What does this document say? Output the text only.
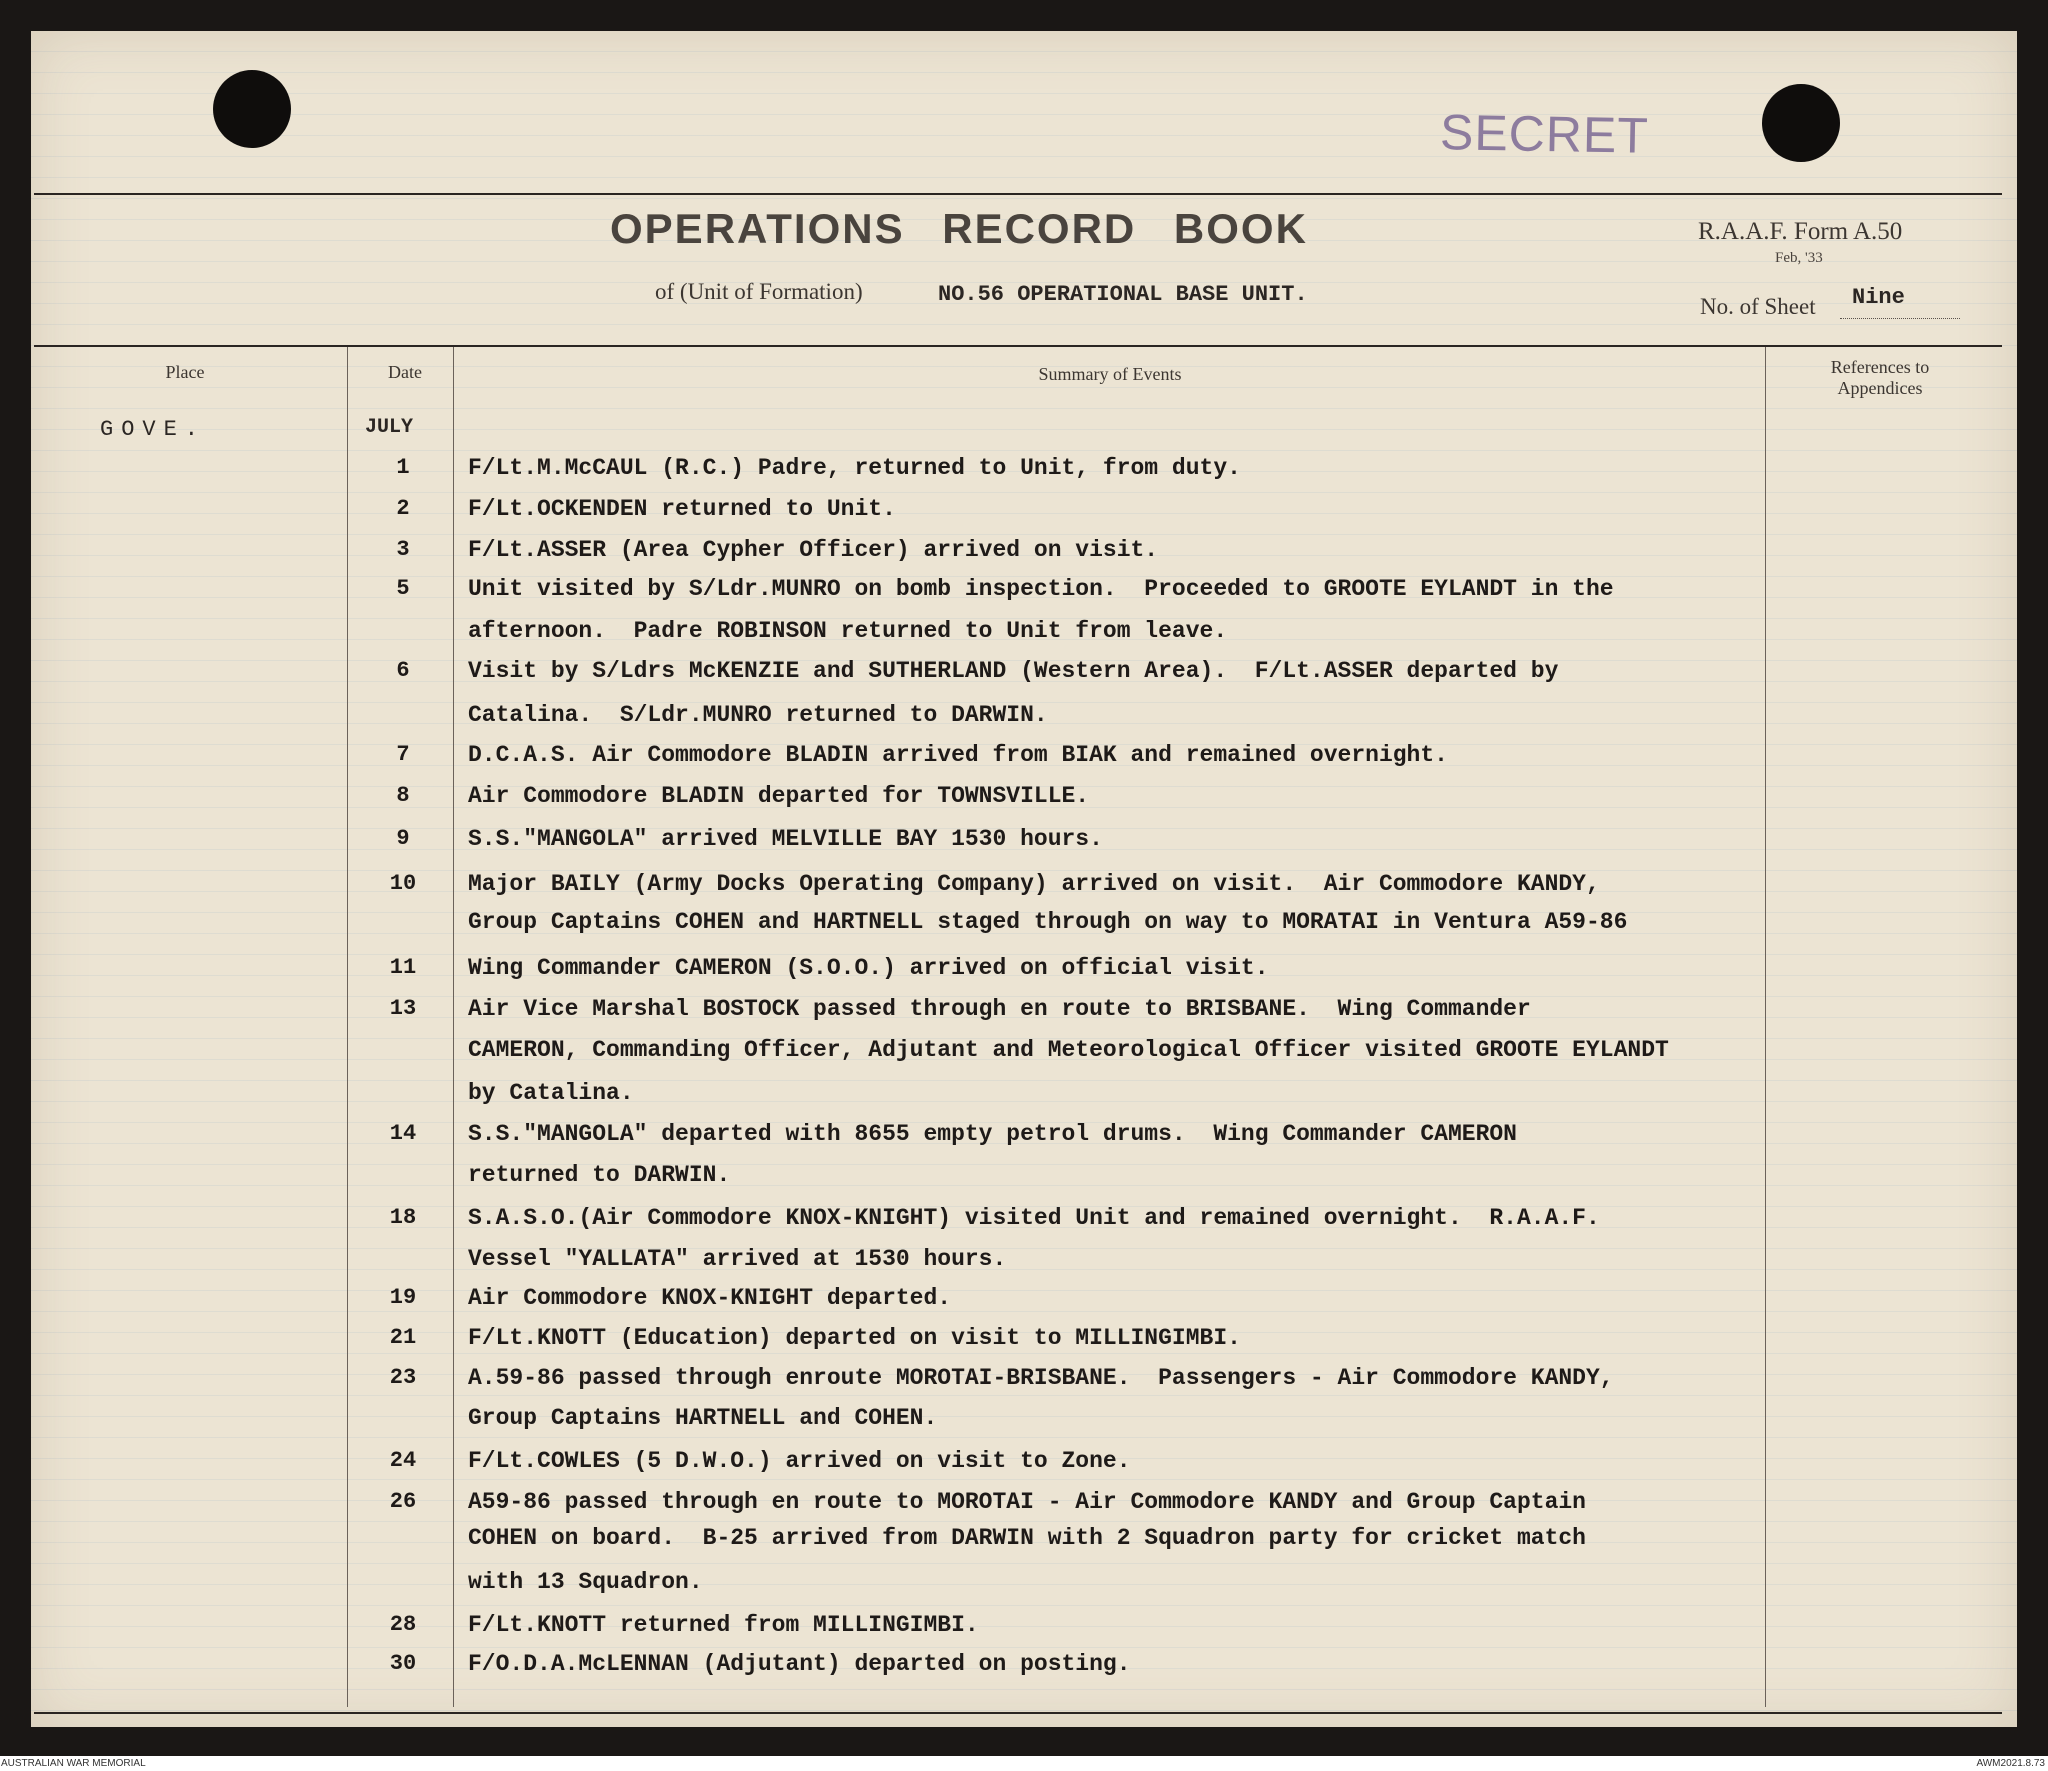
SECRET

OPERATIONS RECORD BOOK
of (Unit of Formation)	NO.56 OPERATIONAL BASE UNIT.
R.A.A.F. Form A.50
Feb, '33
No. of Sheet Nine
Place	Date	Summary of Events	References to
Appendices
GOVE.	JULY
1	F/Lt.M.McCAUL (R.C.) Padre, returned to Unit, from duty.
2	F/Lt.OCKENDEN returned to Unit.
3	F/Lt.ASSER (Area Cypher Officer) arrived on visit.
5	Unit visited by S/Ldr.MUNRO on bomb inspection.  Proceeded to GROOTE EYLANDT in the
afternoon.  Padre ROBINSON returned to Unit from leave.
6	Visit by S/Ldrs McKENZIE and SUTHERLAND (Western Area).  F/Lt.ASSER departed by
Catalina.  S/Ldr.MUNRO returned to DARWIN.
7	D.C.A.S. Air Commodore BLADIN arrived from BIAK and remained overnight.
8	Air Commodore BLADIN departed for TOWNSVILLE.
9	S.S."MANGOLA" arrived MELVILLE BAY 1530 hours.
10	Major BAILY (Army Docks Operating Company) arrived on visit.  Air Commodore KANDY,
Group Captains COHEN and HARTNELL staged through on way to MORATAI in Ventura A59-86
11	Wing Commander CAMERON (S.O.O.) arrived on official visit.
13	Air Vice Marshal BOSTOCK passed through en route to BRISBANE.  Wing Commander
CAMERON, Commanding Officer, Adjutant and Meteorological Officer visited GROOTE EYLANDT
by Catalina.
14	S.S."MANGOLA" departed with 8655 empty petrol drums.  Wing Commander CAMERON
returned to DARWIN.
18	S.A.S.O.(Air Commodore KNOX-KNIGHT) visited Unit and remained overnight.  R.A.A.F.
Vessel "YALLATA" arrived at 1530 hours.
19	Air Commodore KNOX-KNIGHT departed.
21	F/Lt.KNOTT (Education) departed on visit to MILLINGIMBI.
23	A.59-86 passed through enroute MOROTAI-BRISBANE.  Passengers - Air Commodore KANDY,
Group Captains HARTNELL and COHEN.
24	F/Lt.COWLES (5 D.W.O.) arrived on visit to Zone.
26	A59-86 passed through en route to MOROTAI - Air Commodore KANDY and Group Captain
COHEN on board.  B-25 arrived from DARWIN with 2 Squadron party for cricket match
with 13 Squadron.
28	F/Lt.KNOTT returned from MILLINGIMBI.
30	F/O.D.A.McLENNAN (Adjutant) departed on posting.
AUSTRALIAN WAR MEMORIAL	AWM2021.8.73
